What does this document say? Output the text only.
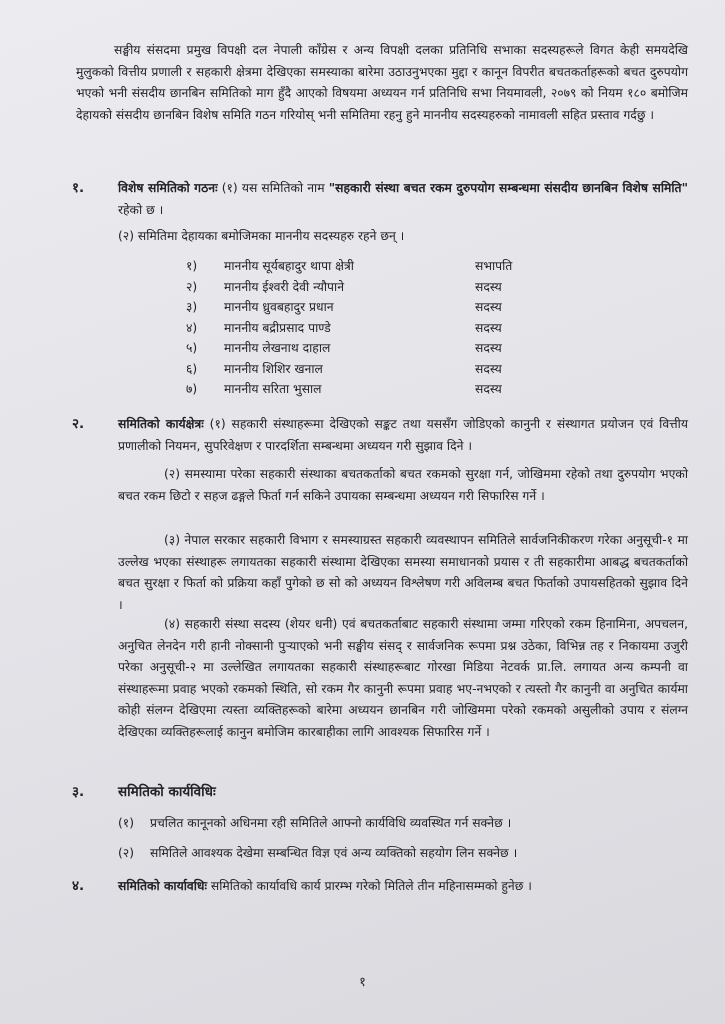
सङ्घीय संसदमा प्रमुख विपक्षी दल नेपाली काँग्रेस र अन्य विपक्षी दलका प्रतिनिधि सभाका सदस्यहरूले विगत केही समयदेखि मुलुकको वित्तीय प्रणाली र सहकारी क्षेत्रमा देखिएका समस्याका बारेमा उठाउनुभएका मुद्दा र कानून विपरीत बचतकर्ताहरूको बचत दुरुपयोग भएको भनी संसदीय छानबिन समितिको माग हुँदै आएको विषयमा अध्ययन गर्न प्रतिनिधि सभा नियमावली, २०७९ को नियम १८० बमोजिम देहायको संसदीय छानबिन विशेष समिति गठन गरियोस् भनी समितिमा रहनु हुने माननीय सदस्यहरुको नामावली सहित प्रस्ताव गर्दछु ।

१.	विशेष समितिको गठनः (१) यस समितिको नाम "सहकारी संस्था बचत रकम दुरुपयोग सम्बन्धमा संसदीय छानबिन विशेष समिति" रहेको छ ।

(२) समितिमा देहायका बमोजिमका माननीय सदस्यहरु रहने छन् ।

१) माननीय सूर्यबहादुर थापा क्षेत्री	सभापति
२) माननीय ईश्वरी देवी न्यौपाने	सदस्य
३) माननीय ध्रुवबहादुर प्रधान	सदस्य
४) माननीय बद्रीप्रसाद पाण्डे	सदस्य
५) माननीय लेखनाथ दाहाल	सदस्य
६) माननीय शिशिर खनाल	सदस्य
७) माननीय सरिता भुसाल	सदस्य
२.	समितिको कार्यक्षेत्रः (१) सहकारी संस्थाहरूमा देखिएको सङ्कट तथा यससँग जोडिएको कानुनी र संस्थागत प्रयोजन एवं वित्तीय प्रणालीको नियमन, सुपरिवेक्षण र पारदर्शिता सम्बन्धमा अध्ययन गरी सुझाव दिने ।

(२) समस्यामा परेका सहकारी संस्थाका बचतकर्ताको बचत रकमको सुरक्षा गर्न, जोखिममा रहेको तथा दुरुपयोग भएको बचत रकम छिटो र सहज ढङ्गले फिर्ता गर्न सकिने उपायका सम्बन्धमा अध्ययन गरी सिफारिस गर्ने ।

(३) नेपाल सरकार सहकारी विभाग र समस्याग्रस्त सहकारी व्यवस्थापन समितिले सार्वजनिकीकरण गरेका अनुसूची-१ मा उल्लेख भएका संस्थाहरू लगायतका सहकारी संस्थामा देखिएका समस्या समाधानको प्रयास र ती सहकारीमा आबद्ध बचतकर्ताको बचत सुरक्षा र फिर्ता को प्रक्रिया कहाँ पुगेको छ सो को अध्ययन विश्लेषण गरी अविलम्ब बचत फिर्ताको उपायसहितको सुझाव दिने ।

(४) सहकारी संस्था सदस्य (शेयर धनी) एवं बचतकर्ताबाट सहकारी संस्थामा जम्मा गरिएको रकम हिनामिना, अपचलन, अनुचित लेनदेन गरी हानी नोक्सानी पुर्‍याएको भनी सङ्घीय संसद् र सार्वजनिक रूपमा प्रश्न उठेका, विभिन्न तह र निकायमा उजुरी परेका अनुसूची-२ मा उल्लेखित लगायतका सहकारी संस्थाहरूबाट गोरखा मिडिया नेटवर्क प्रा.लि. लगायत अन्य कम्पनी वा संस्थाहरूमा प्रवाह भएको रकमको स्थिति, सो रकम गैर कानुनी रूपमा प्रवाह भए-नभएको र त्यस्तो गैर कानुनी वा अनुचित कार्यमा कोही संलग्न देखिएमा त्यस्ता व्यक्तिहरूको बारेमा अध्ययन छानबिन गरी जोखिममा परेको रकमको असुलीको उपाय र संलग्न देखिएका व्यक्तिहरूलाई कानुन बमोजिम कारबाहीका लागि आवश्यक सिफारिस गर्ने ।

३.	समितिको कार्यविधिः
(१) प्रचलित कानूनको अधिनमा रही समितिले आफ्नो कार्यविधि व्यवस्थित गर्न सक्नेछ ।
(२) समितिले आवश्यक देखेमा सम्बन्धित विज्ञ एवं अन्य व्यक्तिको सहयोग लिन सक्नेछ ।
४.	समितिको कार्यावधिः समितिको कार्यावधि कार्य प्रारम्भ गरेको मितिले तीन महिनासम्मको हुनेछ ।

१
